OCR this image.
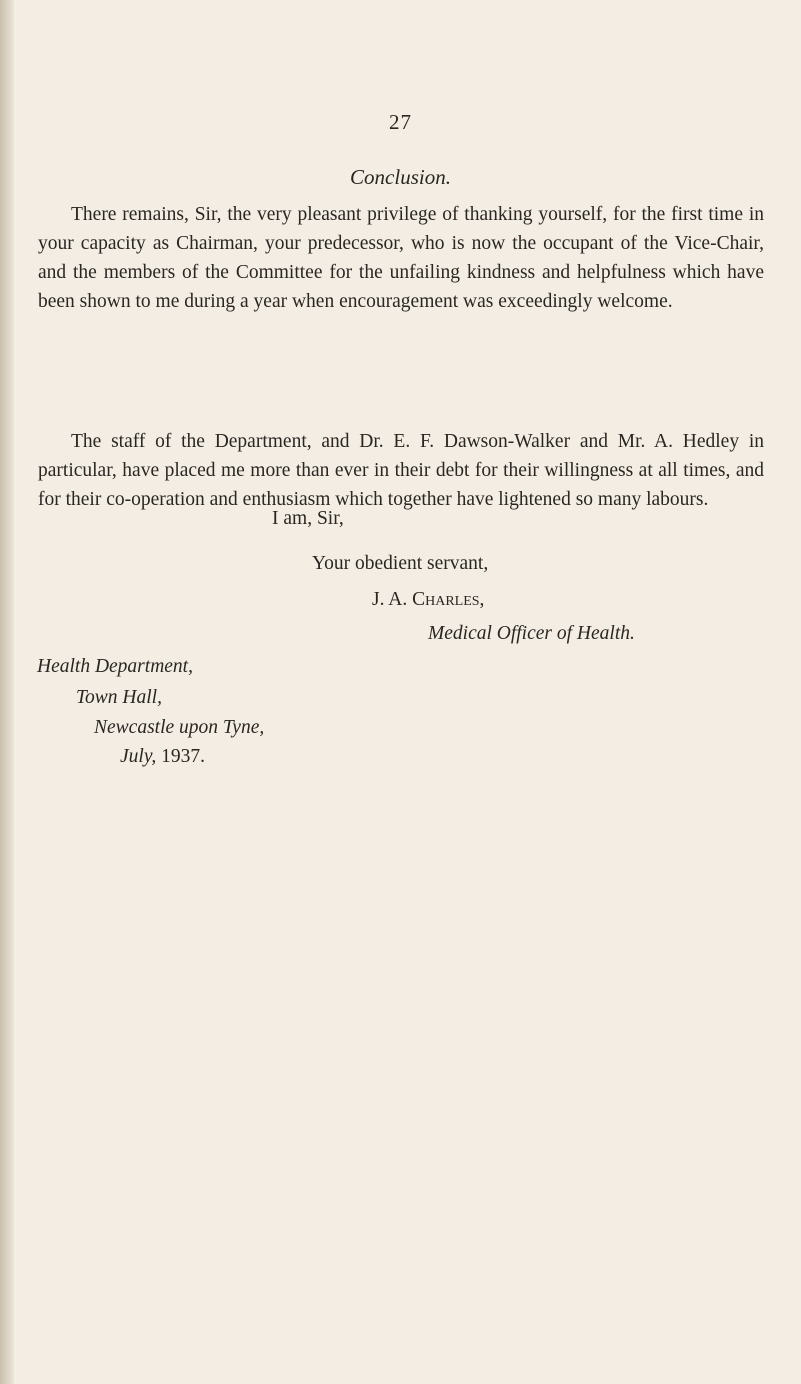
27
Conclusion.

There remains, Sir, the very pleasant privilege of thanking yourself, for the first time in your capacity as Chairman, your predecessor, who is now the occupant of the Vice-Chair, and the members of the Committee for the unfailing kindness and helpfulness which have been shown to me during a year when encouragement was exceedingly welcome.

The staff of the Department, and Dr. E. F. Dawson-Walker and Mr. A. Hedley in particular, have placed me more than ever in their debt for their willingness at all times, and for their co-operation and enthusiasm which together have lightened so many labours.

I am, Sir,
Your obedient servant,
J. A. Charles,
Medical Officer of Health.
Health Department,
Town Hall,
Newcastle upon Tyne,
July, 1937.
